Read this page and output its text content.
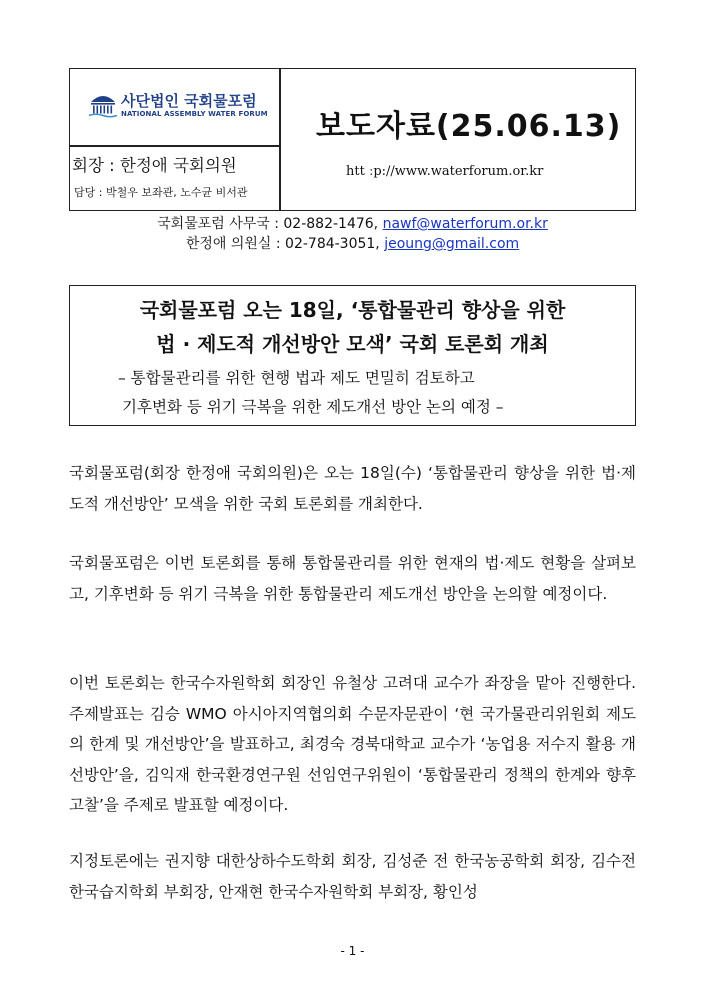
사단법인 국회물포럼
NATIONAL ASSEMBLY WATER FORUM
회장 : 한정애 국회의원
담당 : 박철우 보좌관, 노수균 비서관
보도자료(25.06.13)
htt ːp://www.waterforum.or.kr
국회물포럼 사무국 : 02-882-1476, nawf@waterforum.or.kr
한정애 의원실 : 02-784-3051, jeoung@gmail.com
국회물포럼 오는 18일, ‘통합물관리 향상을 위한
법 · 제도적 개선방안 모색’ 국회 토론회 개최
– 통합물관리를 위한 현행 법과 제도 면밀히 검토하고
기후변화 등 위기 극복을 위한 제도개선 방안 논의 예정 –
국회물포럼(회장 한정애 국회의원)은 오는 18일(수) ‘통합물관리 향상을 위한 법·제도적 개선방안’ 모색을 위한 국회 토론회를 개최한다.
국회물포럼은 이번 토론회를 통해 통합물관리를 위한 현재의 법·제도 현황을 살펴보고, 기후변화 등 위기 극복을 위한 통합물관리 제도개선 방안을 논의할 예정이다.
이번 토론회는 한국수자원학회 회장인 유철상 고려대 교수가 좌장을 맡아 진행한다. 주제발표는 김승 WMO 아시아지역협의회 수문자문관이 ‘현 국가물관리위원회 제도의 한계 및 개선방안’을 발표하고, 최경숙 경북대학교 교수가 ‘농업용 저수지 활용 개선방안’을, 김익재 한국환경연구원 선임연구위원이 ‘통합물관리 정책의 한계와 향후 고찰’을 주제로 발표할 예정이다.
지정토론에는 권지향 대한상하수도학회 회장, 김성준 전 한국농공학회 회장, 김수전 한국습지학회 부회장, 안재현 한국수자원학회 부회장, 황인성
- 1 -
